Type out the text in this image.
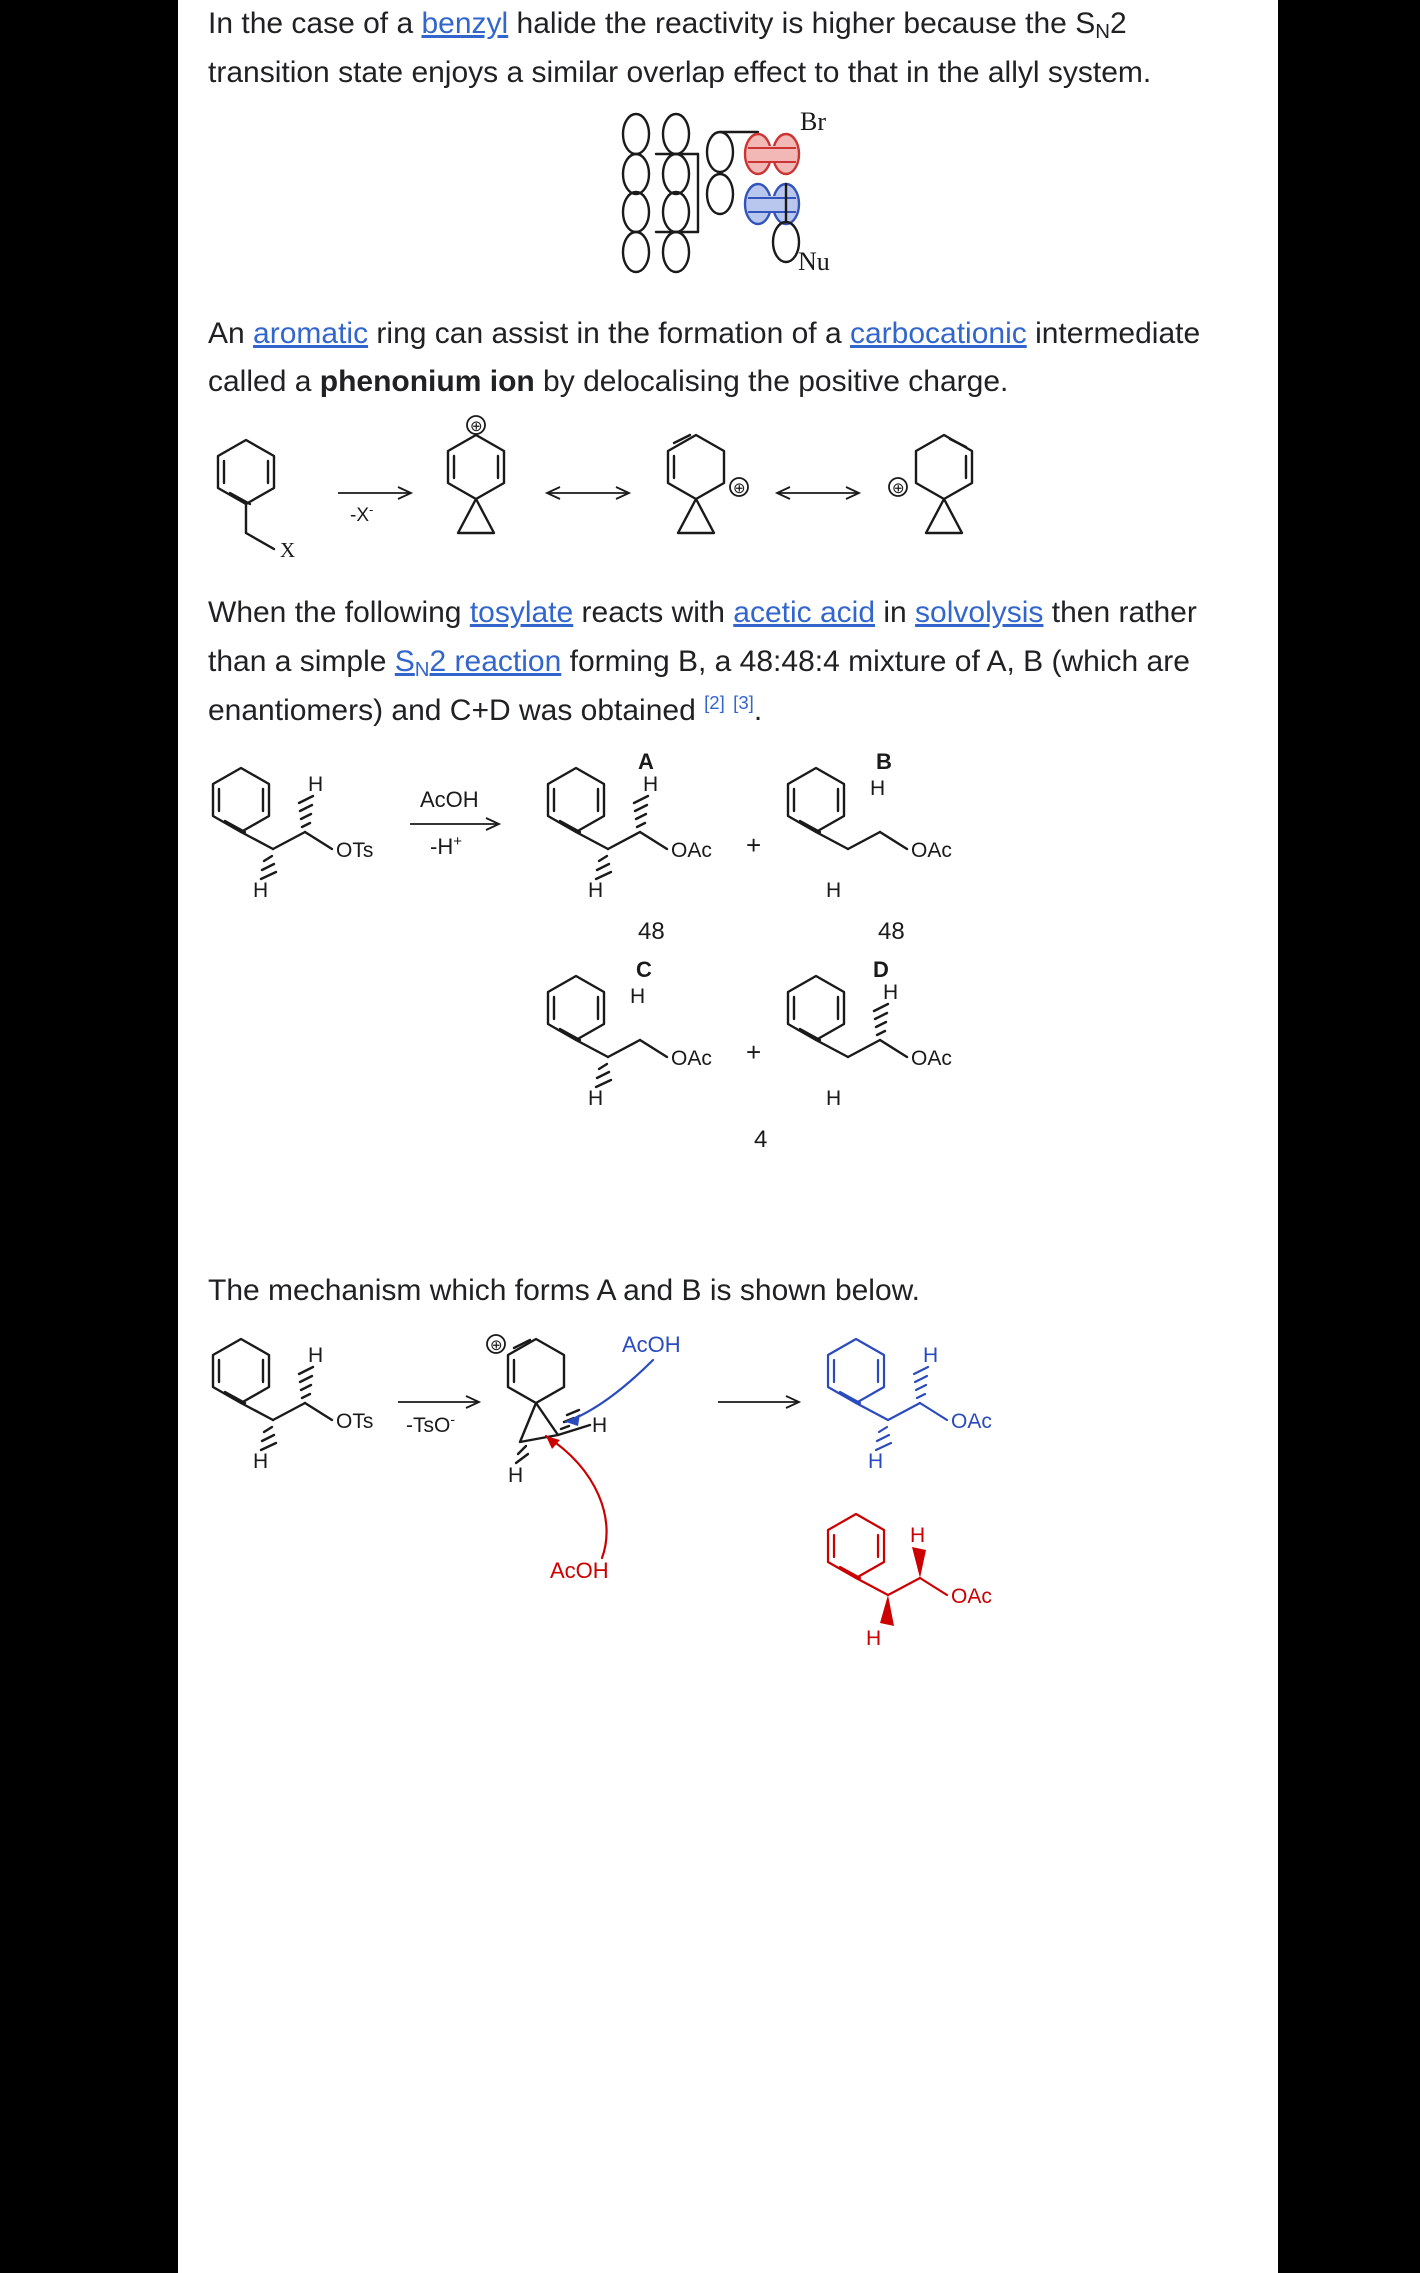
In the case of a benzyl halide the reactivity is higher because the $S_N2$ transition state enjoys a similar overlap effect to that in the allyl system.

Br
Nu

An aromatic ring can assist in the formation of a carbocationic intermediate called a phenonium ion by delocalising the positive charge.

X
-X-
⊕
⊕	⊕

When the following tosylate reacts with acetic acid in solvolysis then rather than a simple $S_N2$ reaction forming B, a 48:48:4 mixture of A, B (which are enantiomers) and C+D was obtained [2] [3].

H
H
OTs
AcOH
-H+
A
H
H
OAc
48
+
B
H
H
OAc
48
C
H
H
OAc +
D
H
H
OAc
4

The mechanism which forms A and B is shown below.

H
H
OTs -TsO-
⊕
H
H
AcOH
AcOH
H
H
OAc
H
H
OAc
